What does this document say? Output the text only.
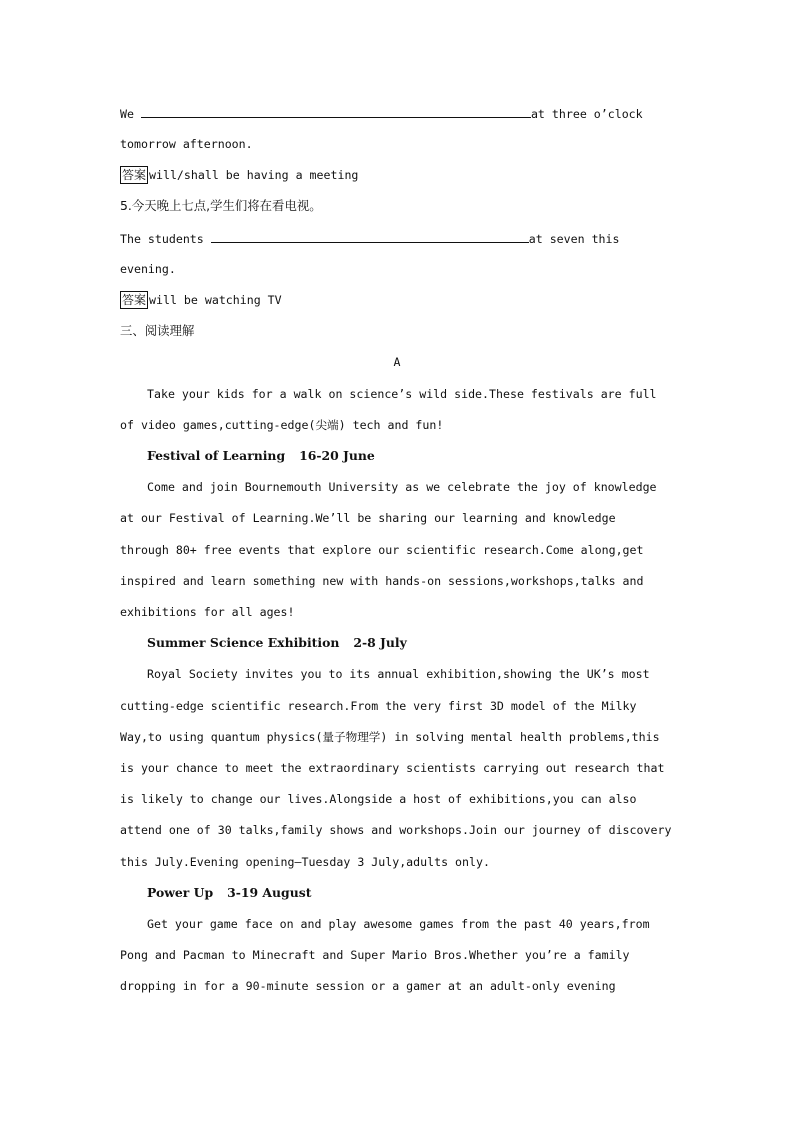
We	at three o’clock
tomorrow afternoon.
答案 will/shall be having a meeting
5.今天晚上七点,学生们将在看电视。
The students	at seven this
evening.
答案 will be watching TV
三、阅读理解
A
Take your kids for a walk on science’s wild side.These festivals are full
of video games,cutting-edge(尖端) tech and fun!
Festival of Learning 16-20 June
Come and join Bournemouth University as we celebrate the joy of knowledge
at our Festival of Learning.We’ll be sharing our learning and knowledge
through 80+ free events that explore our scientific research.Come along,get
inspired and learn something new with hands-on sessions,workshops,talks and
exhibitions for all ages!
Summer Science Exhibition 2-8 July
Royal Society invites you to its annual exhibition,showing the UK’s most
cutting-edge scientific research.From the very first 3D model of the Milky
Way,to using quantum physics(量子物理学) in solving mental health problems,this
is your chance to meet the extraordinary scientists carrying out research that
is likely to change our lives.Alongside a host of exhibitions,you can also
attend one of 30 talks,family shows and workshops.Join our journey of discovery
this July.Evening opening—Tuesday 3 July,adults only.
Power Up 3-19 August
Get your game face on and play awesome games from the past 40 years,from
Pong and Pacman to Minecraft and Super Mario Bros.Whether you’re a family
dropping in for a 90-minute session or a gamer at an adult-only evening
